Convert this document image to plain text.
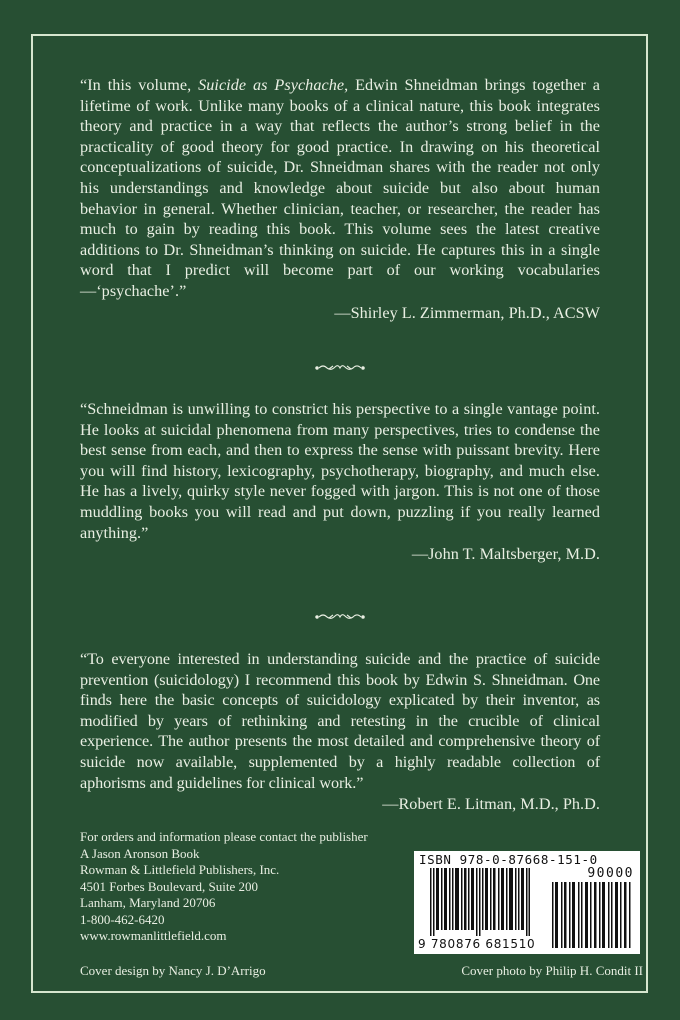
“In this volume, Suicide as Psychache, Edwin Shneidman brings together a lifetime of work. Unlike many books of a clinical nature, this book integrates theory and practice in a way that reflects the author’s strong belief in the practicality of good theory for good practice. In drawing on his theoretical conceptualizations of suicide, Dr. Shneidman shares with the reader not only his understandings and knowledge about suicide but also about human behavior in general. Whether clinician, teacher, or researcher, the reader has much to gain by reading this book. This volume sees the latest creative additions to Dr. Shneidman’s thinking on suicide. He captures this in a single word that I predict will become part of our working vocabularies—‘psychache’.”

—Shirley L. Zimmerman, Ph.D., ACSW

“Schneidman is unwilling to constrict his perspective to a single vantage point. He looks at suicidal phenomena from many perspectives, tries to condense the best sense from each, and then to express the sense with puissant brevity. Here you will find history, lexicography, psychotherapy, biography, and much else. He has a lively, quirky style never fogged with jargon. This is not one of those muddling books you will read and put down, puzzling if you really learned anything.”

—John T. Maltsberger, M.D.

“To everyone interested in understanding suicide and the practice of suicide prevention (suicidology) I recommend this book by Edwin S. Shneidman. One finds here the basic concepts of suicidology explicated by their inventor, as modified by years of rethinking and retesting in the crucible of clinical experience. The author presents the most detailed and comprehensive theory of suicide now available, supplemented by a highly readable collection of aphorisms and guidelines for clinical work.”

—Robert E. Litman, M.D., Ph.D.

For orders and information please contact the publisher
A Jason Aronson Book
Rowman & Littlefield Publishers, Inc.
4501 Forbes Boulevard, Suite 200
Lanham, Maryland 20706
1-800-462-6420
www.rowmanlittlefield.com
ISBN 978-0-87668-151-0
90000
9 780876 681510
Cover design by Nancy J. D’Arrigo	Cover photo by Philip H. Condit II
